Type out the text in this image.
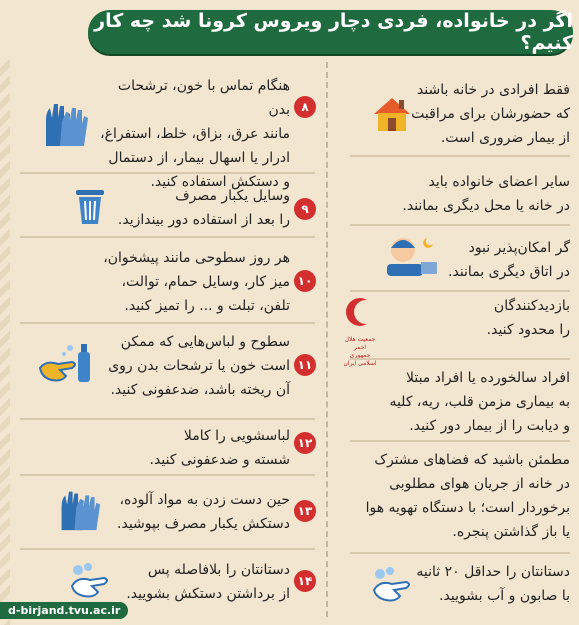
اگر در خانواده، فردی دچار ویروس کرونا شد چه کار کنیم؟
فقط افرادی در خانه باشند
که حضورشان برای مراقبت
از بیمار ضروری است.
سایر اعضای خانواده باید
در خانه یا محل دیگری بمانند.
گر امکان‌پذیر نبود
در اتاق دیگری بمانند.
بازدیدکنندگان
را محدود کنید.
جمعیت هلال احمر
جمهوری اسلامی ایران
افراد سالخورده یا افراد مبتلا
به بیماری مزمن قلب، ریه، کلیه
و دیابت را از بیمار دور کنید.
مطمئن باشید که فضاهای مشترک
در خانه از جریان هوای مطلوبی
برخوردار است؛ با دستگاه تهویه هوا
یا باز گذاشتن پنجره.
دستانتان را حداقل ۲۰ ثانیه
با صابون و آب بشویید.
۸
هنگام تماس با خون، ترشحات بدن
مانند عرق، بزاق، خلط، استفراغ،
ادرار یا اسهال بیمار، از دستمال
و دستکش استفاده کنید.
۹
وسایل یکبار مصرف
را بعد از استفاده دور بیندازید.
۱۰
هر روز سطوحی مانند پیشخوان،
میز کار، وسایل حمام، توالت،
تلفن، تبلت و ... را تمیز کنید.
۱۱
سطوح و لباس‌هایی که ممکن
است خون یا ترشحات بدن روی
آن ریخته باشد، ضدعفونی کنید.
۱۲
لباسشویی را کاملا
شسته و ضدعفونی کنید.
۱۳
حین دست زدن به مواد آلوده،
دستکش یکبار مصرف بپوشید.
۱۴
دستانتان را بلافاصله پس
از برداشتن دستکش بشویید.
d-birjand.tvu.ac.ir
